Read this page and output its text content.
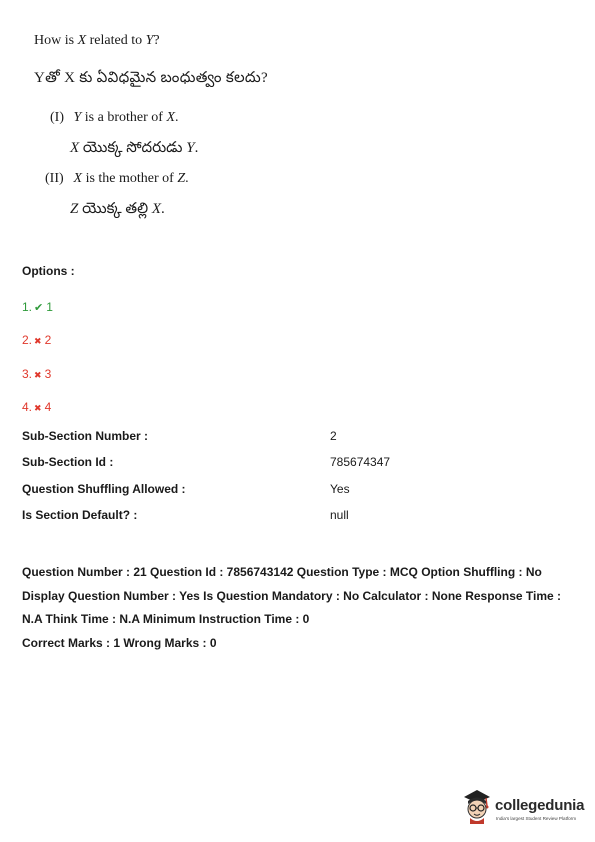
How is X related to Y?
Yతో X కు ఏవిధమైన బంధుత్వం కలదు?
(I) Y is a brother of X.
X యొక్క సోదరుడు Y.
(II) X is the mother of Z.
Z యొక్క తల్లి X.
Options :
1. ✔ 1
2. ✖ 2
3. ✖ 3
4. ✖ 4
Sub-Section Number :	2
Sub-Section Id :	785674347
Question Shuffling Allowed :	Yes
Is Section Default? :	null
Question Number : 21 Question Id : 7856743142 Question Type : MCQ Option Shuffling : No Display Question Number : Yes Is Question Mandatory : No Calculator : None Response Time : N.A Think Time : N.A Minimum Instruction Time : 0
Correct Marks : 1 Wrong Marks : 0
collegedunia
India's largest Student Review Platform
